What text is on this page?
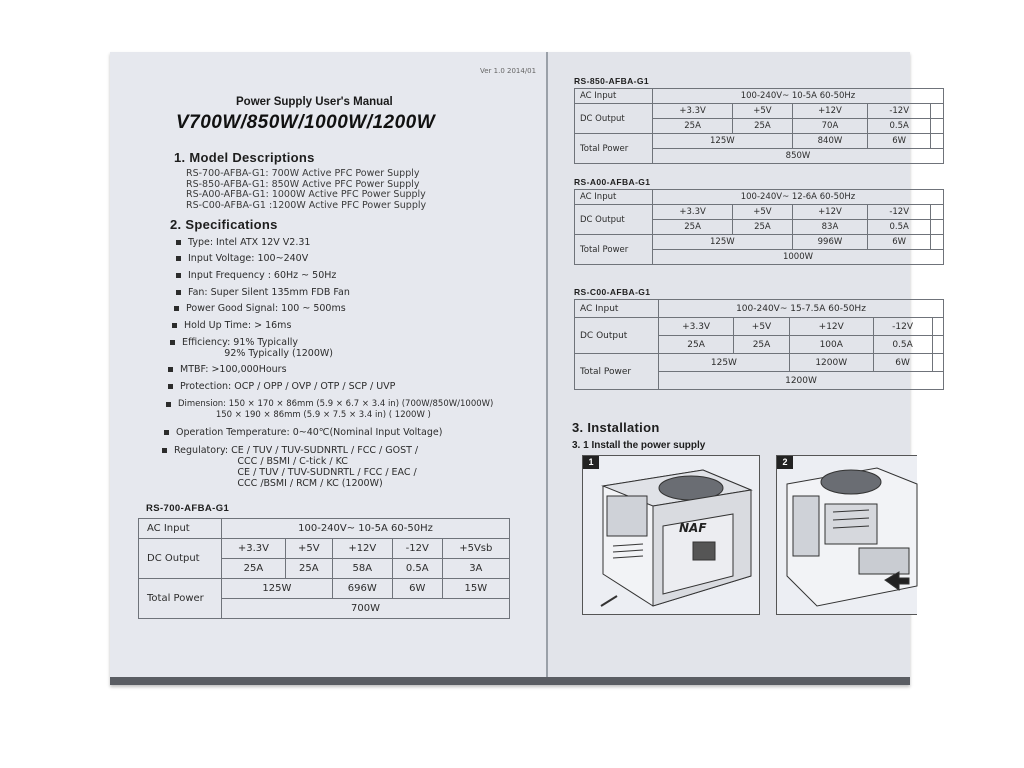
Ver 1.0 2014/01
Power Supply User's Manual
V700W/850W/1000W/1200W
1. Model Descriptions
RS-700-AFBA-G1: 700W Active PFC Power Supply
RS-850-AFBA-G1: 850W Active PFC Power Supply
RS-A00-AFBA-G1: 1000W Active PFC Power Supply
RS-C00-AFBA-G1 :1200W Active PFC Power Supply
2. Specifications
Type: Intel ATX 12V V2.31
Input Voltage: 100~240V
Input Frequency : 60Hz ~ 50Hz
Fan: Super Silent 135mm FDB Fan
Power Good Signal: 100 ~ 500ms
Hold Up Time: > 16ms
Efficiency: 91% Typically
92% Typically (1200W)
MTBF: >100,000Hours
Protection: OCP / OPP / OVP / OTP / SCP / UVP
Dimension: 150 × 170 × 86mm (5.9 × 6.7 × 3.4 in) (700W/850W/1000W)
150 × 190 × 86mm (5.9 × 7.5 × 3.4 in) ( 1200W )
Operation Temperature: 0~40℃(Nominal Input Voltage)
Regulatory: CE / TUV / TUV-SUDNRTL / FCC / GOST /
CCC / BSMI / C-tick / KC
CE / TUV / TUV-SUDNRTL / FCC / EAC /
CCC /BSMI / RCM / KC (1200W)
RS-700-AFBA-G1
AC Input	100-240V~ 10-5A 60-50Hz				
DC Output	+3.3V	+5V	+12V	-12V	+5Vsb
	25A	25A	58A	0.5A	3A
Total Power	125W		696W	6W	15W
	700W				
RS-850-AFBA-G1
AC Input	100-240V~ 10-5A 60-50Hz				
DC Output	+3.3V	+5V	+12V	-12V	
	25A	25A	70A	0.5A	
Total Power	125W		840W	6W	
	850W				
RS-A00-AFBA-G1
AC Input	100-240V~ 12-6A 60-50Hz				
DC Output	+3.3V	+5V	+12V	-12V	
	25A	25A	83A	0.5A	
Total Power	125W		996W	6W	
	1000W				
RS-C00-AFBA-G1
AC Input	100-240V~ 15-7.5A 60-50Hz				
DC Output	+3.3V	+5V	+12V	-12V	
	25A	25A	100A	0.5A	
Total Power	125W		1200W	6W	
	1200W				
3. Installation
3. 1 Install the power supply
1
NAF
2
